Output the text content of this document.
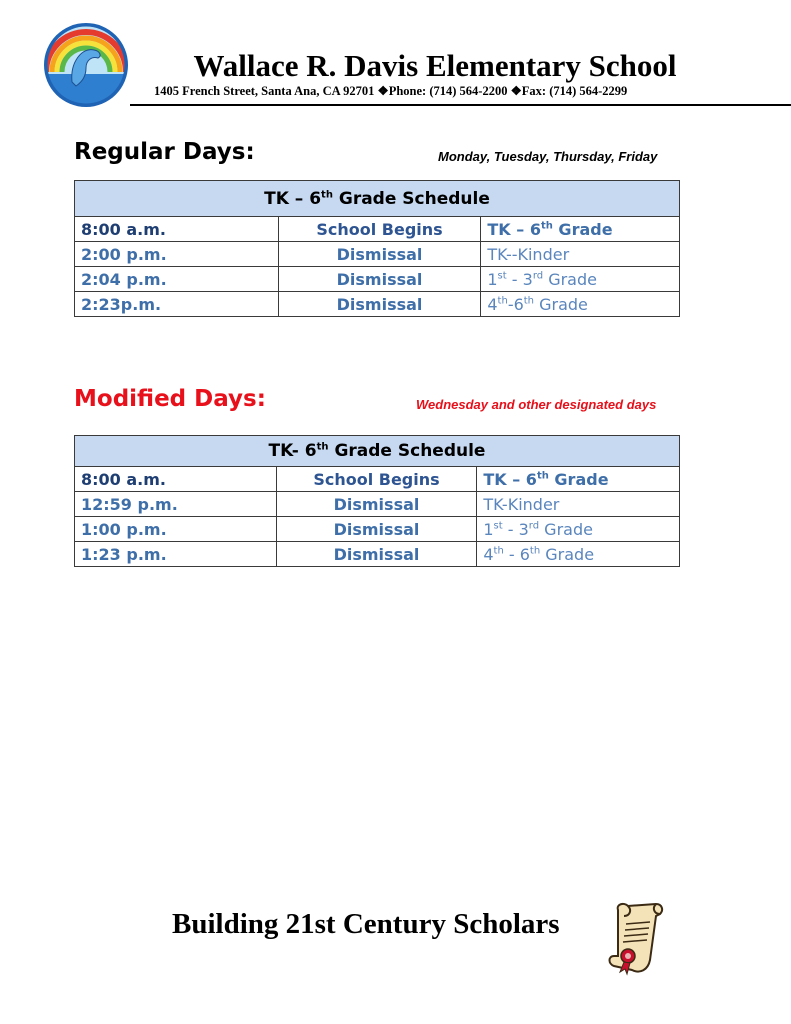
Wallace R. Davis Elementary School
1405 French Street, Santa Ana, CA 92701 ❖Phone: (714) 564-2200 ❖Fax: (714) 564-2299
Regular Days:	Monday, Tuesday, Thursday, Friday
TK – 6th Grade Schedule		
8:00 a.m.	School Begins	TK – 6th Grade
2:00 p.m.	Dismissal	TK--Kinder
2:04 p.m.	Dismissal	1st - 3rd Grade
2:23p.m.	Dismissal	4th-6th Grade
Modified Days:	Wednesday and other designated days
TK- 6th Grade Schedule		
8:00 a.m.	School Begins	TK – 6th Grade
12:59 p.m.	Dismissal	TK-Kinder
1:00 p.m.	Dismissal	1st - 3rd Grade
1:23 p.m.	Dismissal	4th - 6th Grade
Building 21st Century Scholars
